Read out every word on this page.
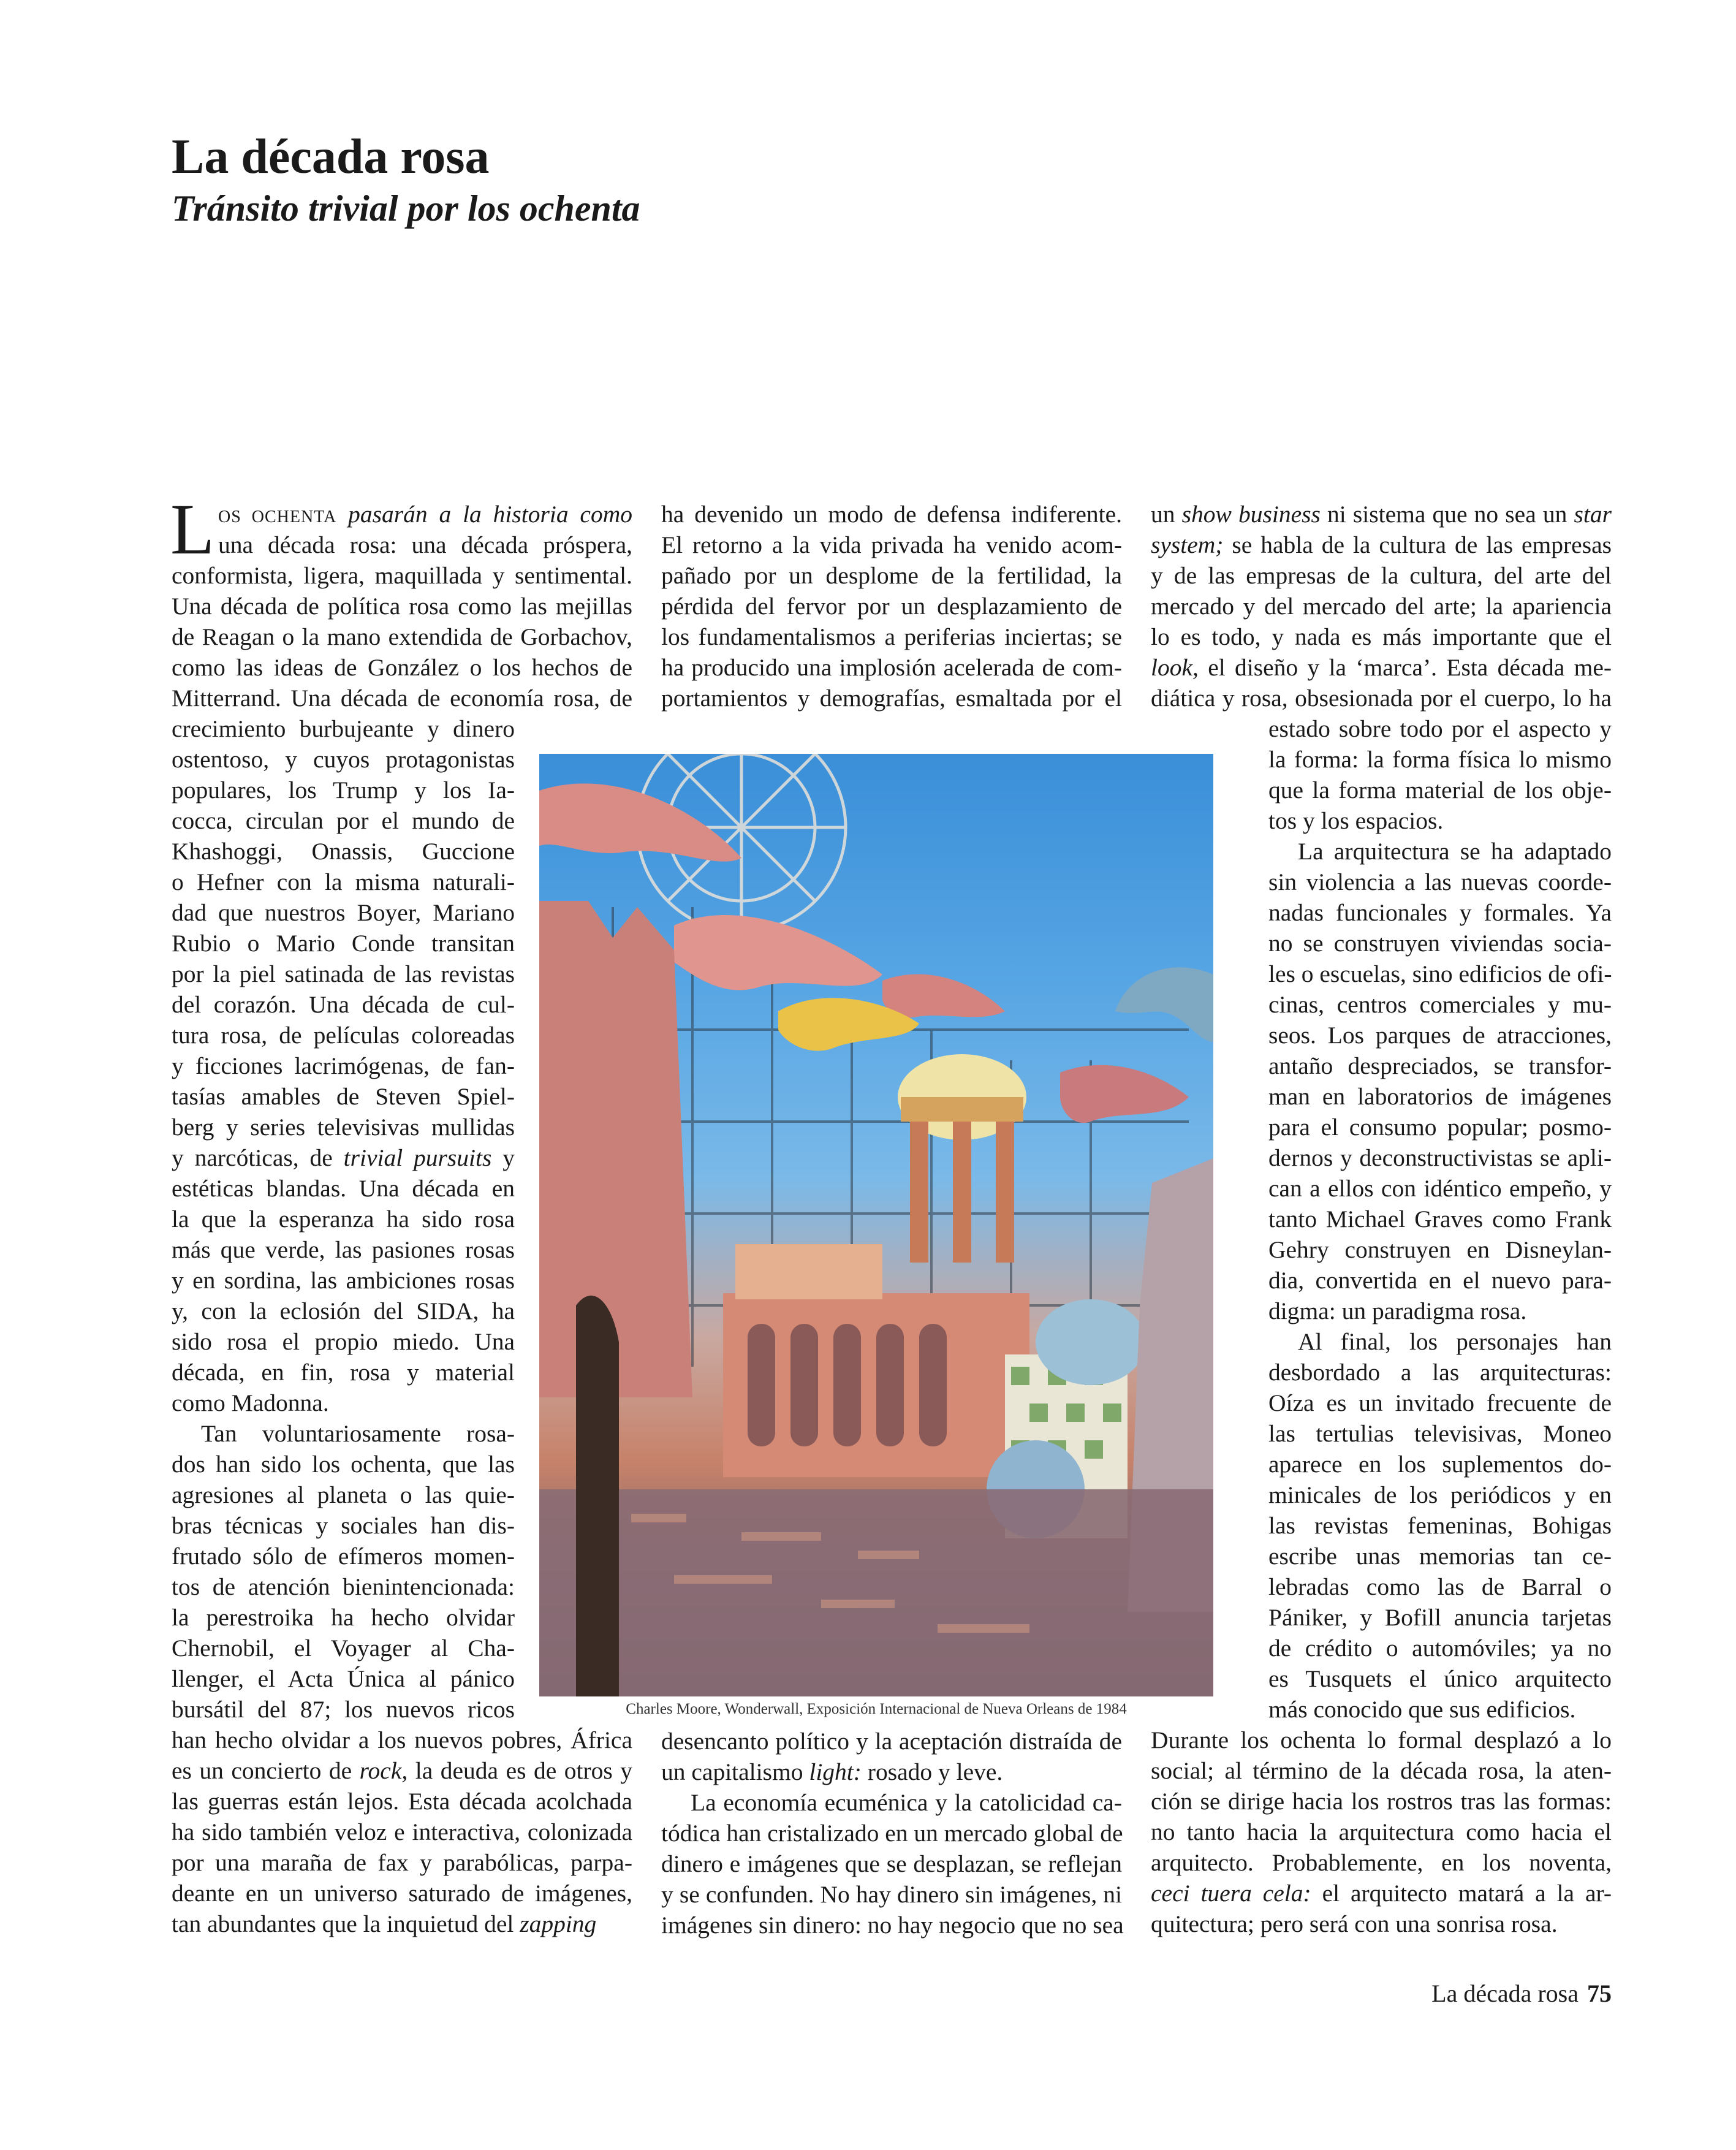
La década rosa
Tránsito trivial por los ochenta
L OS OCHENTA pasarán a la historia como
una década rosa: una década próspera,
conformista, ligera, maquillada y sentimental.
Una década de política rosa como las mejillas
de Reagan o la mano extendida de Gorbachov,
como las ideas de González o los hechos de
Mitterrand. Una década de economía rosa, de
crecimiento burbujeante y dinero
ostentoso, y cuyos protagonistas
populares, los Trump y los Ia-
cocca, circulan por el mundo de
Khashoggi, Onassis, Guccione
o Hefner con la misma naturali-
dad que nuestros Boyer, Mariano
Rubio o Mario Conde transitan
por la piel satinada de las revistas
del corazón. Una década de cul-
tura rosa, de películas coloreadas
y ficciones lacrimógenas, de fan-
tasías amables de Steven Spiel-
berg y series televisivas mullidas
y narcóticas, de trivial pursuits y
estéticas blandas. Una década en
la que la esperanza ha sido rosa
más que verde, las pasiones rosas
y en sordina, las ambiciones rosas
y, con la eclosión del SIDA, ha
sido rosa el propio miedo. Una
década, en fin, rosa y material
como Madonna.
Tan voluntariosamente rosa-
dos han sido los ochenta, que las
agresiones al planeta o las quie-
bras técnicas y sociales han dis-
frutado sólo de efímeros momen-
tos de atención bienintencionada:
la perestroika ha hecho olvidar
Chernobil, el Voyager al Cha-
llenger, el Acta Única al pánico
bursátil del 87; los nuevos ricos
han hecho olvidar a los nuevos pobres, África
es un concierto de rock, la deuda es de otros y
las guerras están lejos. Esta década acolchada
ha sido también veloz e interactiva, colonizada
por una maraña de fax y parabólicas, parpa-
deante en un universo saturado de imágenes,
tan abundantes que la inquietud del zapping
ha devenido un modo de defensa indiferente.
El retorno a la vida privada ha venido acom-
pañado por un desplome de la fertilidad, la
pérdida del fervor por un desplazamiento de
los fundamentalismos a periferias inciertas; se
ha producido una implosión acelerada de com-
portamientos y demografías, esmaltada por el
desencanto político y la aceptación distraída de
un capitalismo light: rosado y leve.
La economía ecuménica y la catolicidad ca-
tódica han cristalizado en un mercado global de
dinero e imágenes que se desplazan, se reflejan
y se confunden. No hay dinero sin imágenes, ni
imágenes sin dinero: no hay negocio que no sea
un show business ni sistema que no sea un star
system; se habla de la cultura de las empresas
y de las empresas de la cultura, del arte del
mercado y del mercado del arte; la apariencia
lo es todo, y nada es más importante que el
look, el diseño y la ‘marca’. Esta década me-
diática y rosa, obsesionada por el cuerpo, lo ha
estado sobre todo por el aspecto y
la forma: la forma física lo mismo
que la forma material de los obje-
tos y los espacios.
La arquitectura se ha adaptado
sin violencia a las nuevas coorde-
nadas funcionales y formales. Ya
no se construyen viviendas socia-
les o escuelas, sino edificios de ofi-
cinas, centros comerciales y mu-
seos. Los parques de atracciones,
antaño despreciados, se transfor-
man en laboratorios de imágenes
para el consumo popular; posmo-
dernos y deconstructivistas se apli-
can a ellos con idéntico empeño, y
tanto Michael Graves como Frank
Gehry construyen en Disneylan-
dia, convertida en el nuevo para-
digma: un paradigma rosa.
Al final, los personajes han
desbordado a las arquitecturas:
Oíza es un invitado frecuente de
las tertulias televisivas, Moneo
aparece en los suplementos do-
minicales de los periódicos y en
las revistas femeninas, Bohigas
escribe unas memorias tan ce-
lebradas como las de Barral o
Pániker, y Bofill anuncia tarjetas
de crédito o automóviles; ya no
es Tusquets el único arquitecto
más conocido que sus edificios.
Durante los ochenta lo formal desplazó a lo
social; al término de la década rosa, la aten-
ción se dirige hacia los rostros tras las formas:
no tanto hacia la arquitectura como hacia el
arquitecto. Probablemente, en los noventa,
ceci tuera cela: el arquitecto matará a la ar-
quitectura; pero será con una sonrisa rosa.
Charles Moore, Wonderwall, Exposición Internacional de Nueva Orleans de 1984
La década rosa 75
